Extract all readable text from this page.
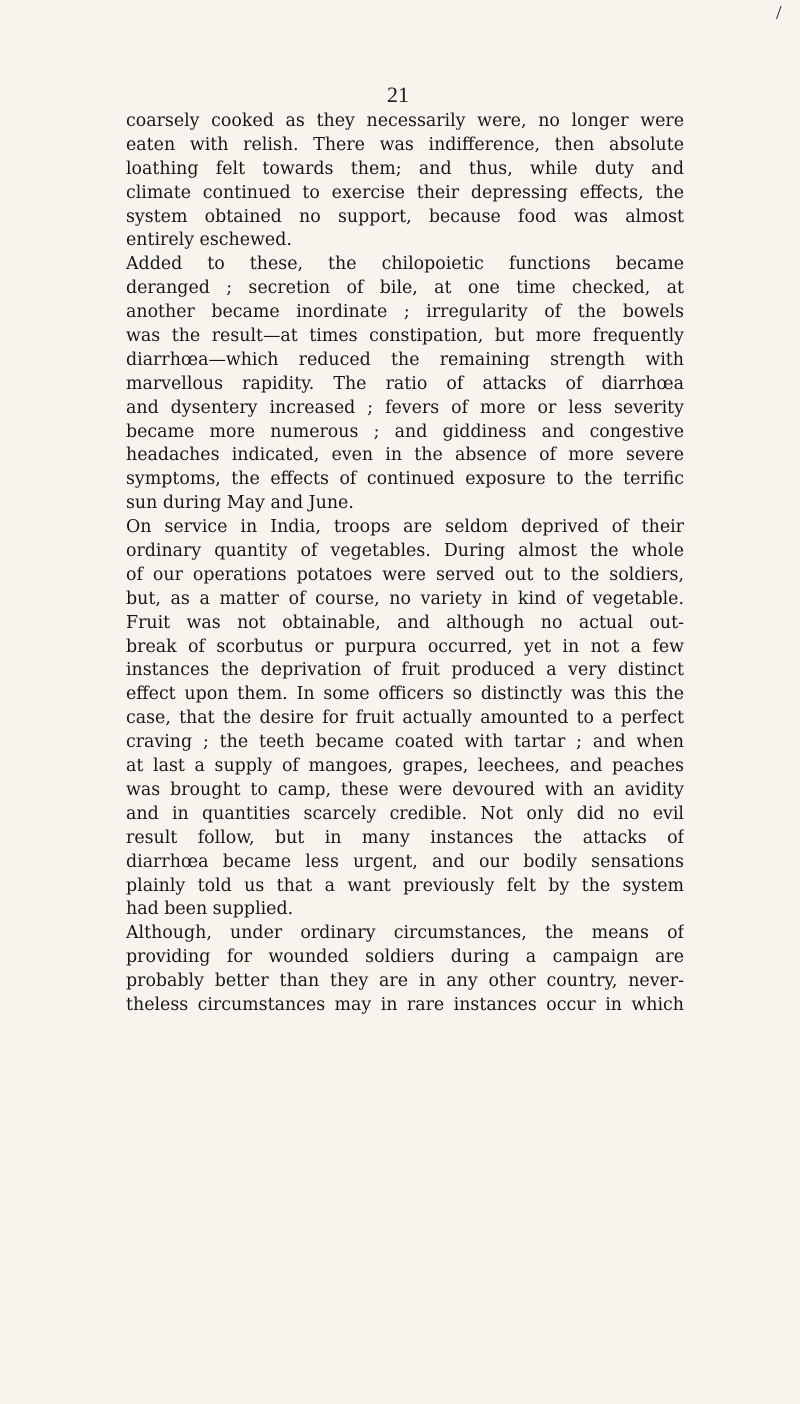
/
21
coarsely cooked as they necessarily were, no longer were
eaten with relish. There was indifference, then absolute
loathing felt towards them; and thus, while duty and
climate continued to exercise their depressing effects, the
system obtained no support, because food was almost
entirely eschewed.
Added to these, the chilopoietic functions became
deranged ; secretion of bile, at one time checked, at
another became inordinate ; irregularity of the bowels
was the result—at times constipation, but more frequently
diarrhœa—which reduced the remaining strength with
marvellous rapidity. The ratio of attacks of diarrhœa
and dysentery increased ; fevers of more or less severity
became more numerous ; and giddiness and congestive
headaches indicated, even in the absence of more severe
symptoms, the effects of continued exposure to the terrific
sun during May and June.
On service in India, troops are seldom deprived of their
ordinary quantity of vegetables. During almost the whole
of our operations potatoes were served out to the soldiers,
but, as a matter of course, no variety in kind of vegetable.
Fruit was not obtainable, and although no actual out-
break of scorbutus or purpura occurred, yet in not a few
instances the deprivation of fruit produced a very distinct
effect upon them. In some officers so distinctly was this the
case, that the desire for fruit actually amounted to a perfect
craving ; the teeth became coated with tartar ; and when
at last a supply of mangoes, grapes, leechees, and peaches
was brought to camp, these were devoured with an avidity
and in quantities scarcely credible. Not only did no evil
result follow, but in many instances the attacks of
diarrhœa became less urgent, and our bodily sensations
plainly told us that a want previously felt by the system
had been supplied.
Although, under ordinary circumstances, the means of
providing for wounded soldiers during a campaign are
probably better than they are in any other country, never-
theless circumstances may in rare instances occur in which
